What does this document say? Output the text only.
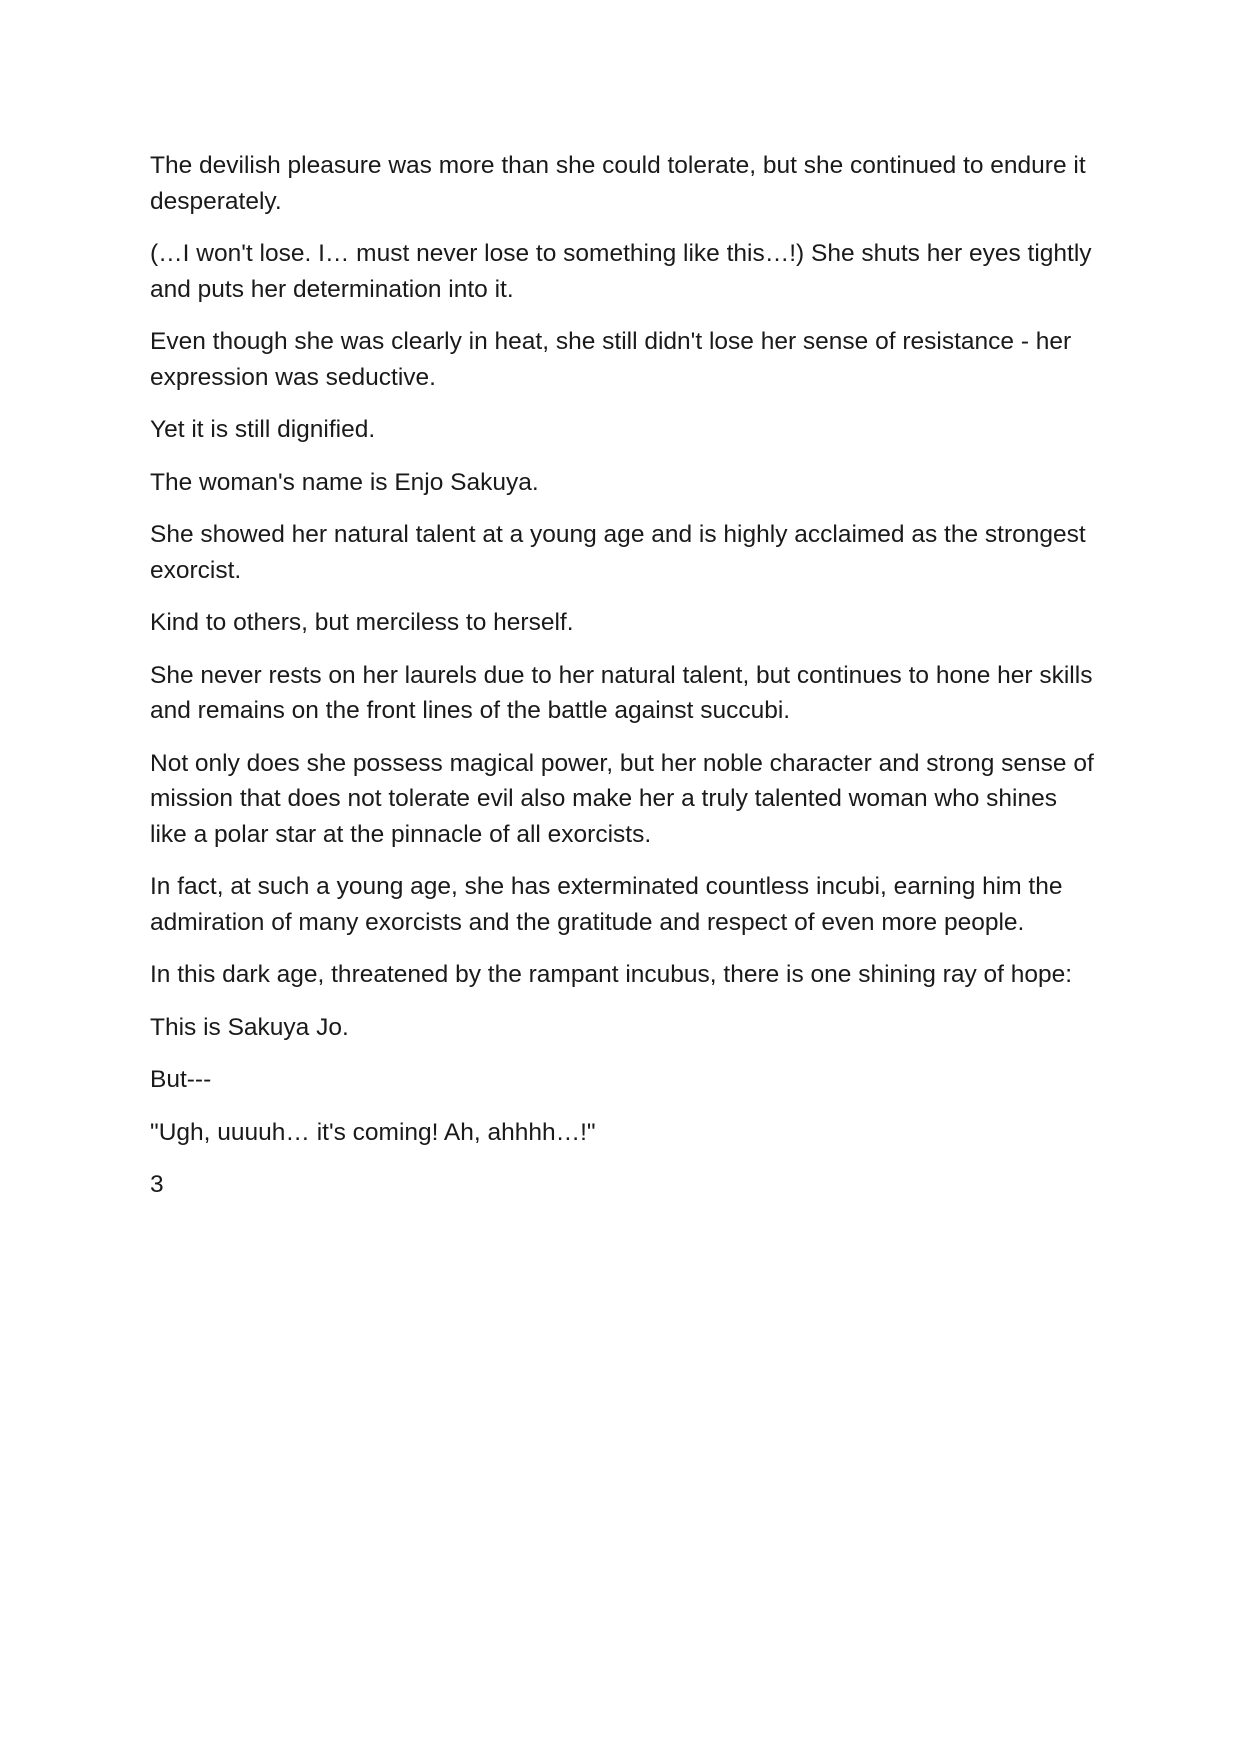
The devilish pleasure was more than she could tolerate, but she continued to endure it desperately.

(…I won't lose. I… must never lose to something like this…!) She shuts her eyes tightly and puts her determination into it.

Even though she was clearly in heat, she still didn't lose her sense of resistance - her expression was seductive.

Yet it is still dignified.

The woman's name is Enjo Sakuya.

She showed her natural talent at a young age and is highly acclaimed as the strongest exorcist.

Kind to others, but merciless to herself.

She never rests on her laurels due to her natural talent, but continues to hone her skills and remains on the front lines of the battle against succubi.

Not only does she possess magical power, but her noble character and strong sense of mission that does not tolerate evil also make her a truly talented woman who shines like a polar star at the pinnacle of all exorcists.

In fact, at such a young age, she has exterminated countless incubi, earning him the admiration of many exorcists and the gratitude and respect of even more people.

In this dark age, threatened by the rampant incubus, there is one shining ray of hope:

This is Sakuya Jo.

But---

"Ugh, uuuuh… it's coming! Ah, ahhhh…!"

3
